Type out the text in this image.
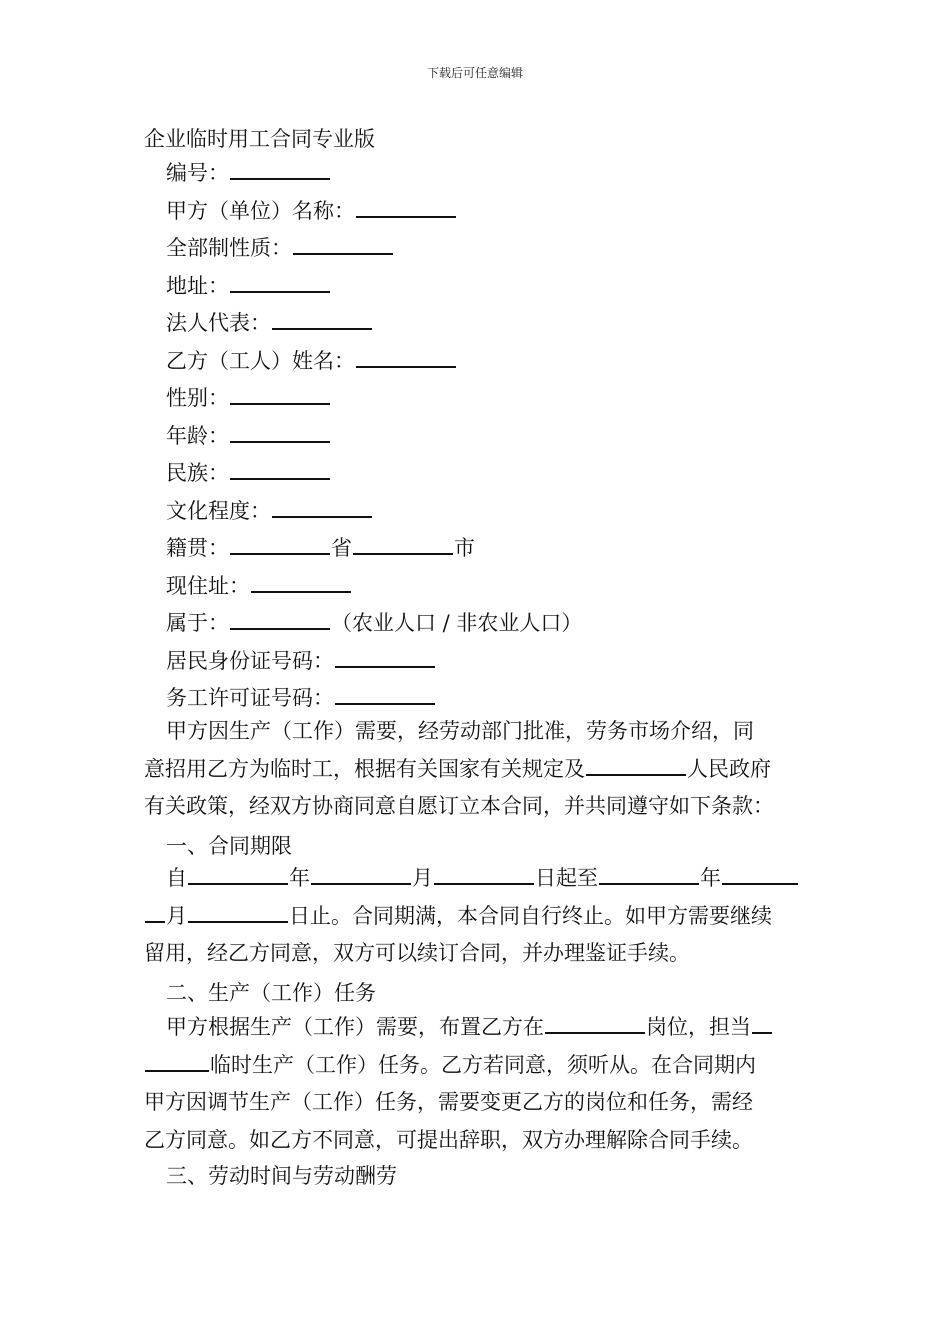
下载后可任意编辑
企业临时用工合同专业版
编号：
甲方（单位）名称：
全部制性质：
地址：
法人代表：
乙方（工人）姓名：
性别：
年龄：
民族：
文化程度：
籍贯：	省	市
现住址：
属于：	（农业人口 / 非农业人口）
居民身份证号码：
务工许可证号码：
甲方因生产（工作）需要，经劳动部门批准，劳务市场介绍，同
意招用乙方为临时工，根据有关国家有关规定及	人民政府
有关政策，经双方协商同意自愿订立本合同，并共同遵守如下条款：
一、合同期限
自	年	月	日起至	年
月	日止。合同期满，本合同自行终止。如甲方需要继续
留用，经乙方同意，双方可以续订合同，并办理鉴证手续。
二、生产（工作）任务
甲方根据生产（工作）需要，布置乙方在	岗位，担当
临时生产（工作）任务。乙方若同意，须听从。在合同期内
甲方因调节生产（工作）任务，需要变更乙方的岗位和任务，需经
乙方同意。如乙方不同意，可提出辞职，双方办理解除合同手续。
三、劳动时间与劳动酬劳
